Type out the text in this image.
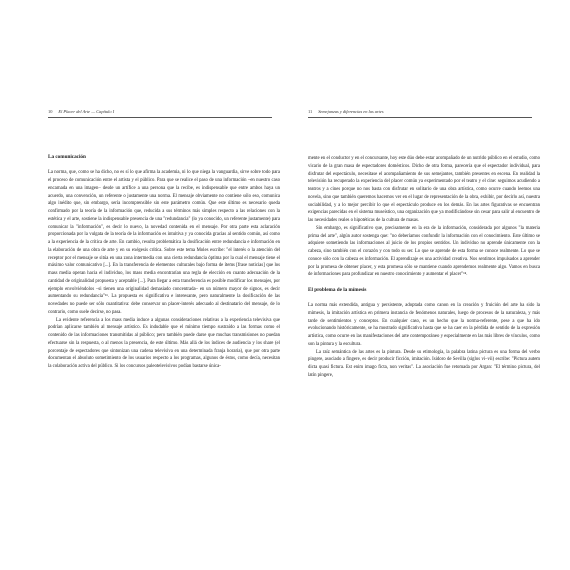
10 El Placer del Arte — Capítulo I	11 Semejanzas y diferencias en las artes
La comunicación

La norma, que, como se ha dicho, no es sí lo que afirma la academia, ni lo que niega la vanguardia, sirve sobre todo para el proceso de comunicación entre el artista y el público. Para que se realice el paso de una información –en nuestro caso encarnada en una imagen– desde un artífice a una persona que la recibe, es indispensable que entre ambos haya un acuerdo, una convención, un referente o justamente una norma. El mensaje obviamente no contiene sólo eso, comunica algo inédito que, sin embargo, sería incomprensible sin este parámetro común. Que este último es necesario queda confirmado por la teoría de la información que, reducida a sus términos más simples respecto a las relaciones con la estética y el arte, sostiene la indispensable presencia de una "redundancia" (lo ya conocido, un referente justamente) para comunicar la "información", es decir lo nuevo, la novedad contenida en el mensaje. Por otra parte esta aclaración proporcionada por la vulgata de la teoría de la información es intuitiva y ya conocida gracias al sentido común, así como a la experiencia de la crítica de arte. En cambio, resulta problemática la dosificación entre redundancia e información en la elaboración de una obra de arte y en su exégesis crítica. Sobre este tema Moles escribe: "el interés o la atención del receptor por el mensaje se sitúa en una zona intermedia con una cierta redundancia óptima por la cual el mensaje tiene el máximo valor comunicativo [...]. En la transferencia de elementos culturales bajo forma de ítems [frase noticias] que los mass media operan hacia el individuo, los mass media encontrarían una regla de elección en cuanto adecuación de la cantidad de originalidad propuesta y aceptable [...]. Para llegar a esta transferencia es posible modificar los mensajes, por ejemplo envolviéndolos –si tienen una originalidad demasiado concentrada– en un número mayor de signos, es decir aumentando su redundancia"¹⁶. La propuesta es significativa e interesante, pero naturalmente la dosificación de las novedades no puede ser sólo cuantitativa: debe conservar un placer-interés adecuado al destinatario del mensaje, de lo contrario, como suele decirse, no pasa.

La evidente referencia a los mass media induce a algunas consideraciones relativas a la experiencia televisiva que podrían aplicarse también al mensaje artístico. Es indudable que el mínimo tiempo sustraído a las formas como el contenido de las informaciones transmitidas al público; pero también puede darse que muchas transmisiones no puedan efectuarse sin la respuesta, o al menos la presencia, de este último. Más allá de los índices de audiencia y los share (el porcentaje de espectadores que sintonizan una cadena televisiva en una determinada franja horaria), que por otra parte documentan el absoluto sometimiento de los usuarios respecto a los programas, algunos de éstos, como decía, necesitan la colaboración activa del público. Si los concursos paleotelevisivos podían bastarse única-

mente en el conductor y en el concursante, hoy este dúo debe estar acompañado de un nutrido público en el estudio, como vicario de la gran masa de espectadores domésticos. Dicho de otra forma, parecería que el espectador individual, para disfrutar del espectáculo, necesitase el acompañamiento de sus semejantes, también presentes en escena. En realidad la televisión ha recuperado la experiencia del placer común ya experimentado por el teatro y el cine: seguimos acudiendo a teatros y a cines porque no nos basta con disfrutar en solitario de una obra artística, como ocurre cuando leemos una novela, sino que también queremos hacernos ver en el lugar de representación de la obra, exhibir, por decirlo así, nuestra sociabilidad, y a lo mejor percibir lo que el espectáculo produce en los demás. En las artes figurativas se encuentran exigencias parecidas en el sistema museístico, una organización que ya modificándose sin cesar para salir al encuentro de las necesidades reales o hipotéticas de la cultura de masas.

Sin embargo, es significativo que, precisamente en la era de la información, considerada por algunos "la materia prima del arte", algún autor sostenga que: "no deberíamos confundir la información con el conocimiento. Este último se adquiere sometiendo las informaciones al juicio de los propios sentidos. Un individuo no aprende únicamente con la cabeza, sino también con el corazón y con todo su ser. Lo que se aprende de esta forma se conoce realmente. Lo que se conoce sólo con la cabeza es información. El aprendizaje es una actividad creativa. Nos sentimos impulsados a aprender por la promesa de obtener placer, y esta promesa sólo se mantiene cuando aprendemos realmente algo. Vamos en busca de informaciones para profundizar en nuestro conocimiento y aumentar el placer"¹⁸.

El problema de la mímesis

La norma más extendida, antigua y persistente, adoptada como canon en la creación y fruición del arte ha sido la mímesis, la imitación artística en primera instancia de fenómenos naturales, luego de procesos de la naturaleza, y más tarde de sentimientos y conceptos. En cualquier caso, es un hecho que la norma-referente, pese a que ha ido evolucionando históricamente, se ha mostrado significativa hasta que se ha caer en la pérdida de sentido de la expresión artística, como ocurre en las manifestaciones del arte contemporáneo y especialmente en las más libres de vínculos, como son la pintura y la escultura.

La raíz semántica de las artes es la pintura. Desde su etimología, la palabra latina pictura es una forma del verbo pingere, asociado a fingere, es decir producir ficción, imitación. Isidoro de Sevilla (siglos vi–vii) escribe: "Pictura autem dicta quasi fictura. Est enim imago ficta, non veritas". La asociación fue retomada por Argan: "El término pictura, del latín pingere,
